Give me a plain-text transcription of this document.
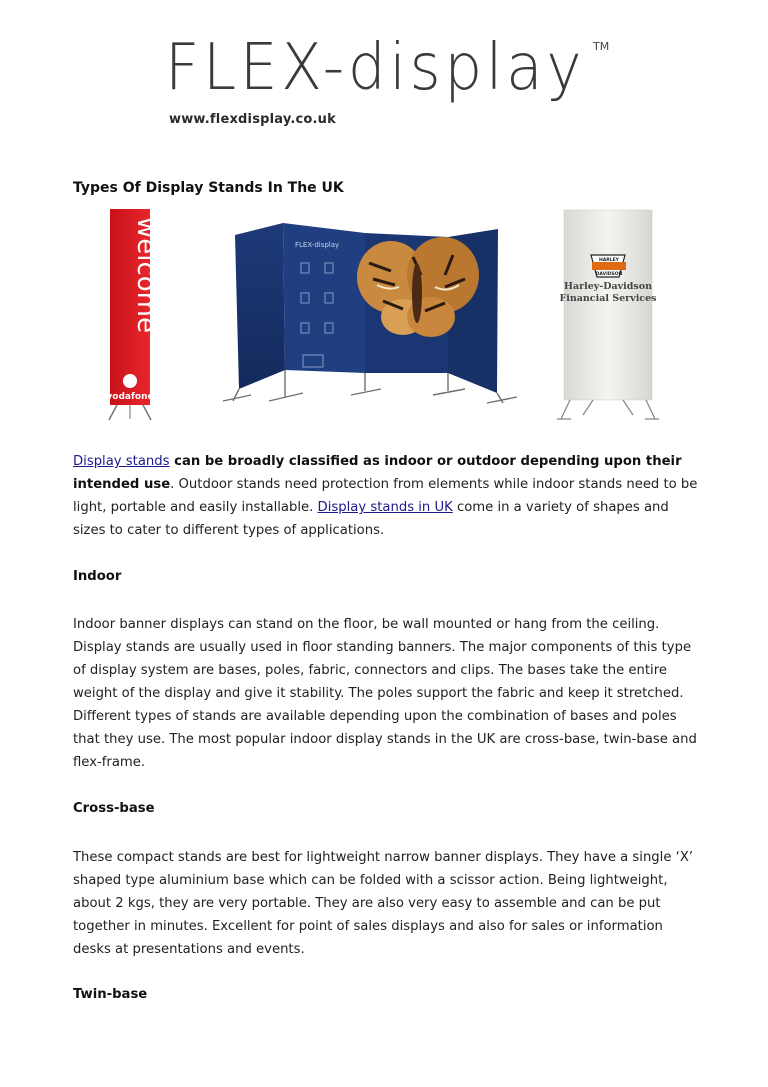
FLEX-display TM
www.flexdisplay.co.uk
Types Of Display Stands In The UK
welcome
vodafone
FLEX-display
HARLEY
DAVIDSON
Harley-Davidson
Financial Services

Display stands can be broadly classified as indoor or outdoor depending upon their intended use. Outdoor stands need protection from elements while indoor stands need to be light, portable and easily installable. Display stands in UK come in a variety of shapes and sizes to cater to different types of applications.

Indoor

Indoor banner displays can stand on the floor, be wall mounted or hang from the ceiling. Display stands are usually used in floor standing banners. The major components of this type of display system are bases, poles, fabric, connectors and clips. The bases take the entire weight of the display and give it stability. The poles support the fabric and keep it stretched. Different types of stands are available depending upon the combination of bases and poles that they use. The most popular indoor display stands in the UK are cross-base, twin-base and flex-frame.

Cross-base

These compact stands are best for lightweight narrow banner displays. They have a single ‘X’ shaped type aluminium base which can be folded with a scissor action. Being lightweight, about 2 kgs, they are very portable. They are also very easy to assemble and can be put together in minutes. Excellent for point of sales displays and also for sales or information desks at presentations and events.

Twin-base
